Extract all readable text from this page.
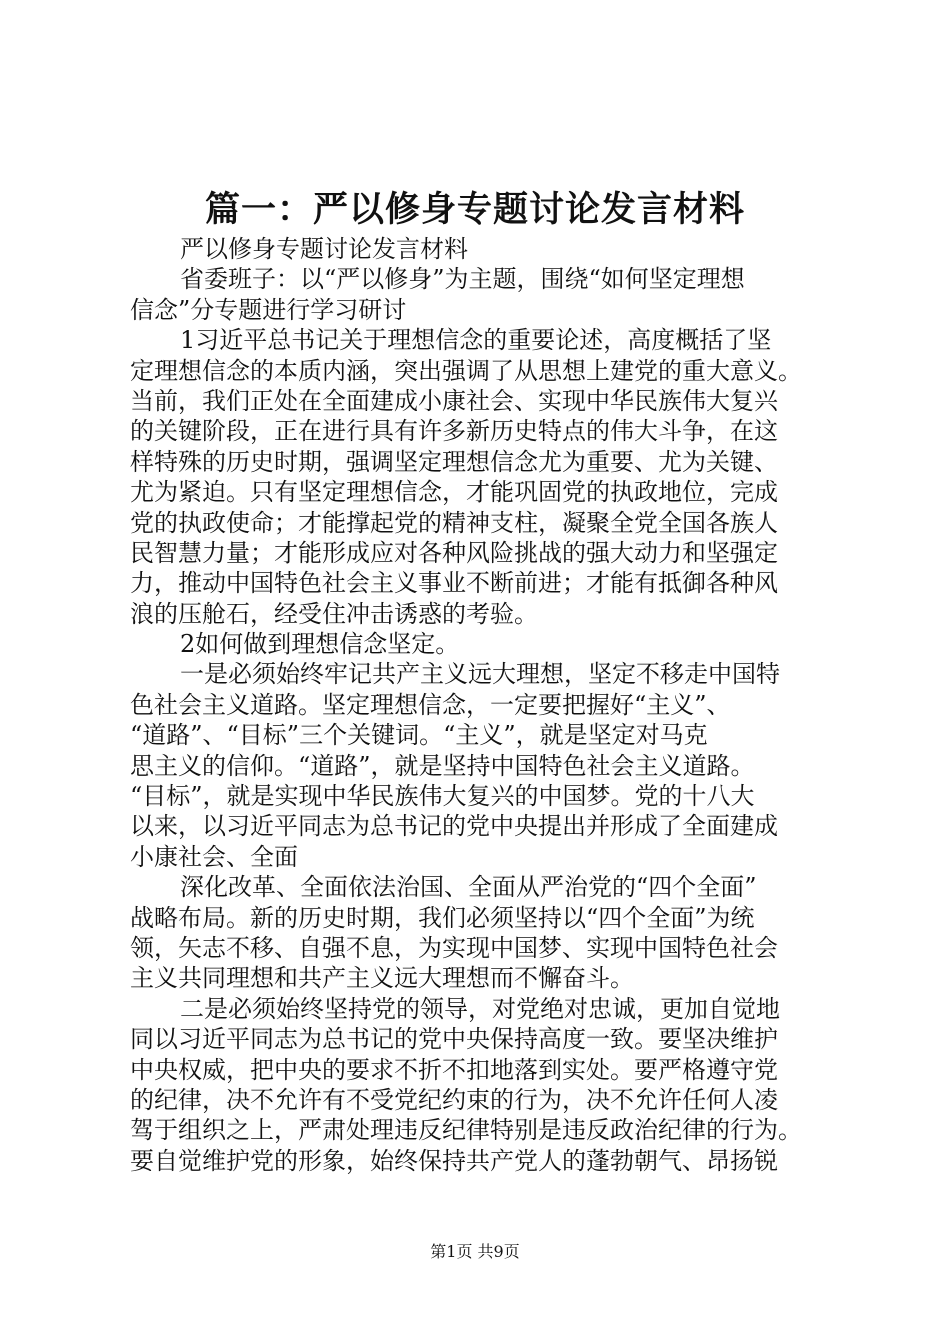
篇一：严以修身专题讨论发言材料
严以修身专题讨论发言材料
省委班子：以“严以修身”为主题，围绕“如何坚定理想
信念”分专题进行学习研讨
1习近平总书记关于理想信念的重要论述，高度概括了坚
定理想信念的本质内涵，突出强调了从思想上建党的重大意义。
当前，我们正处在全面建成小康社会、实现中华民族伟大复兴
的关键阶段，正在进行具有许多新历史特点的伟大斗争，在这
样特殊的历史时期，强调坚定理想信念尤为重要、尤为关键、
尤为紧迫。只有坚定理想信念，才能巩固党的执政地位，完成
党的执政使命；才能撑起党的精神支柱，凝聚全党全国各族人
民智慧力量；才能形成应对各种风险挑战的强大动力和坚强定
力，推动中国特色社会主义事业不断前进；才能有抵御各种风
浪的压舱石，经受住冲击诱惑的考验。
2如何做到理想信念坚定。
一是必须始终牢记共产主义远大理想，坚定不移走中国特
色社会主义道路。坚定理想信念，一定要把握好“主义”、
“道路”、“目标”三个关键词。“主义”，就是坚定对马克
思主义的信仰。“道路”，就是坚持中国特色社会主义道路。
“目标”，就是实现中华民族伟大复兴的中国梦。党的十八大
以来，以习近平同志为总书记的党中央提出并形成了全面建成
小康社会、全面
深化改革、全面依法治国、全面从严治党的“四个全面”
战略布局。新的历史时期，我们必须坚持以“四个全面”为统
领，矢志不移、自强不息，为实现中国梦、实现中国特色社会
主义共同理想和共产主义远大理想而不懈奋斗。
二是必须始终坚持党的领导，对党绝对忠诚，更加自觉地
同以习近平同志为总书记的党中央保持高度一致。要坚决维护
中央权威，把中央的要求不折不扣地落到实处。要严格遵守党
的纪律，决不允许有不受党纪约束的行为，决不允许任何人凌
驾于组织之上，严肃处理违反纪律特别是违反政治纪律的行为。
要自觉维护党的形象，始终保持共产党人的蓬勃朝气、昂扬锐
第1页 共9页
